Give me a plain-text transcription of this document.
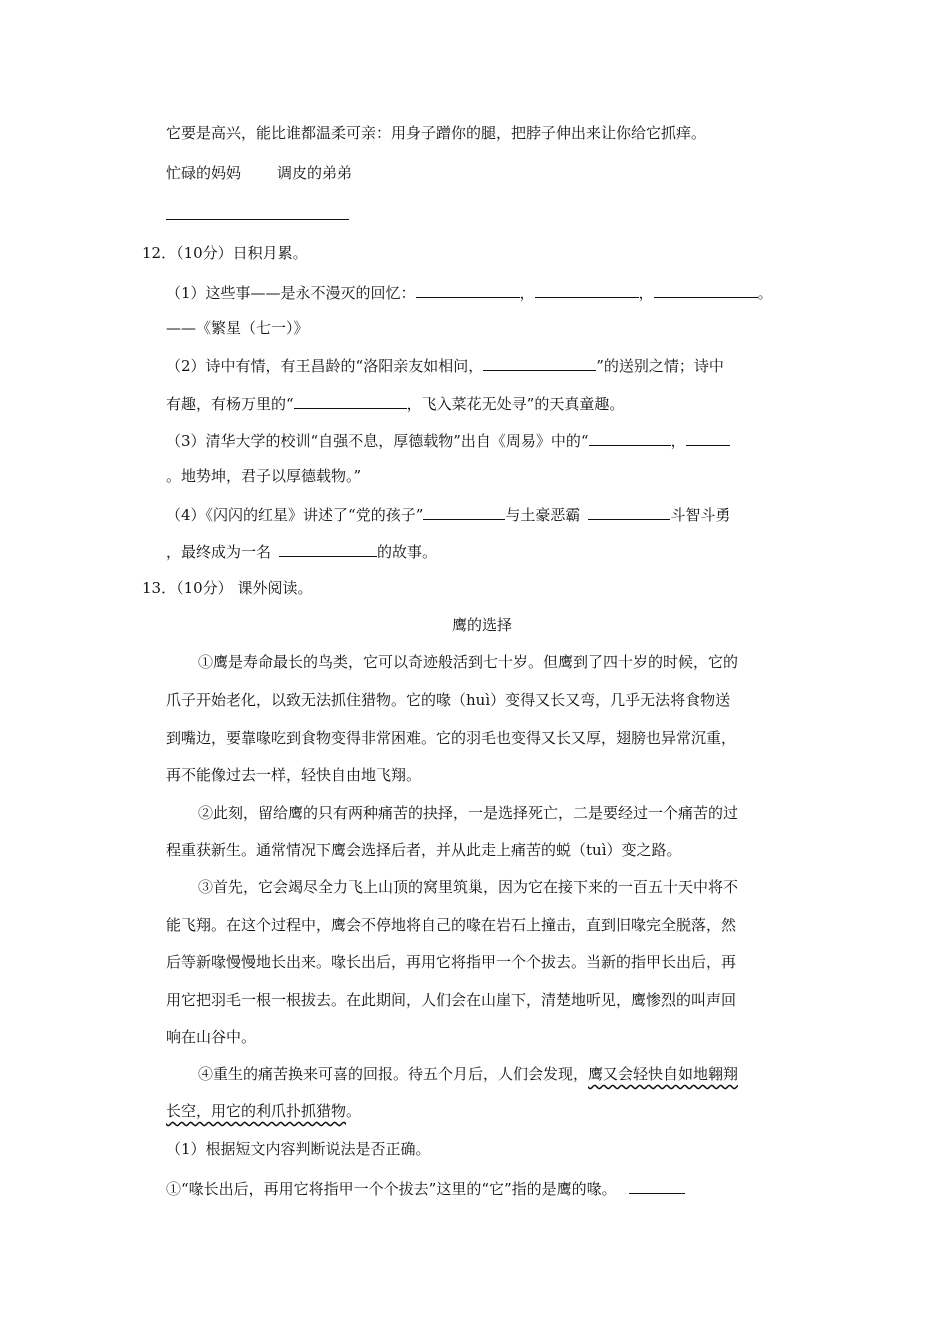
它要是高兴，能比谁都温柔可亲：用身子蹭你的腿，把脖子伸出来让你给它抓痒。
忙碌的妈妈 调皮的弟弟
12．（10分）日积月累。
（1）这些事——是永不漫灭的回忆：	，	，	。
——《繁星（七一）》
（2）诗中有情，有王昌龄的“洛阳亲友如相问，	”的送别之情；诗中
有趣，有杨万里的“	，飞入菜花无处寻”的天真童趣。
（3）清华大学的校训“自强不息，厚德载物”出自《周易》中的“	，
。地势坤，君子以厚德载物。”
（4）《闪闪的红星》讲述了“党的孩子”	与土豪恶霸	斗智斗勇
，最终成为一名	的故事。
13．（10分） 课外阅读。
鹰的选择
①鹰是寿命最长的鸟类，它可以奇迹般活到七十岁。但鹰到了四十岁的时候，它的
爪子开始老化，以致无法抓住猎物。它的喙（huì）变得又长又弯，几乎无法将食物送
到嘴边，要靠喙吃到食物变得非常困难。它的羽毛也变得又长又厚，翅膀也异常沉重，
再不能像过去一样，轻快自由地飞翔。
②此刻，留给鹰的只有两种痛苦的抉择，一是选择死亡，二是要经过一个痛苦的过
程重获新生。通常情况下鹰会选择后者，并从此走上痛苦的蜕（tuì）变之路。
③首先，它会竭尽全力飞上山顶的窝里筑巢，因为它在接下来的一百五十天中将不
能飞翔。在这个过程中，鹰会不停地将自己的喙在岩石上撞击，直到旧喙完全脱落，然
后等新喙慢慢地长出来。喙长出后，再用它将指甲一个个拔去。当新的指甲长出后，再
用它把羽毛一根一根拔去。在此期间，人们会在山崖下，清楚地听见，鹰惨烈的叫声回
响在山谷中。
④重生的痛苦换来可喜的回报。待五个月后，人们会发现，鹰又会轻快自如地翱翔
长空，用它的利爪扑抓猎物。
（1）根据短文内容判断说法是否正确。
①“喙长出后，再用它将指甲一个个拔去”这里的“它”指的是鹰的喙。
